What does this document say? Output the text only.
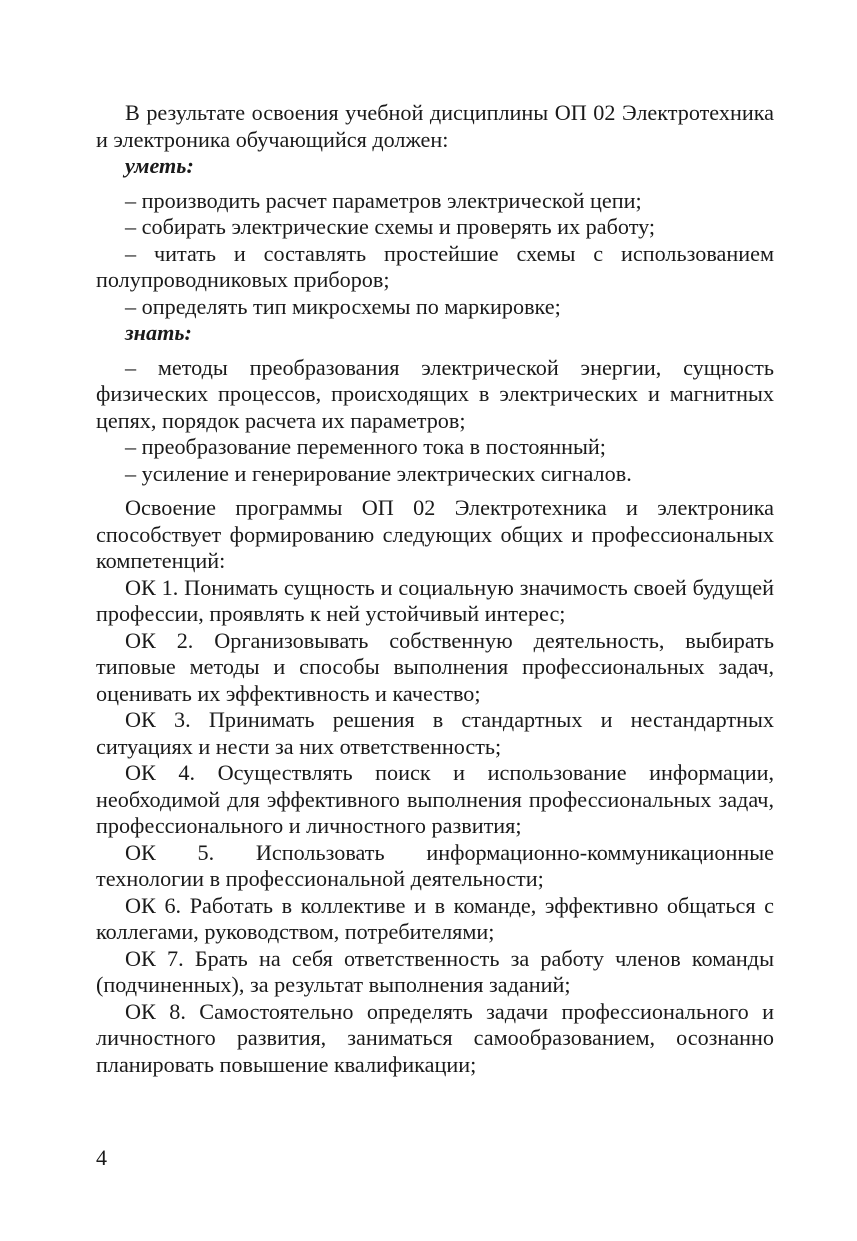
В результате освоения учебной дисциплины ОП 02 Электротехника и электроника обучающийся должен:

уметь:

– производить расчет параметров электрической цепи;

– собирать электрические схемы и проверять их работу;

– читать и составлять простейшие схемы с использованием полупроводниковых приборов;

– определять тип микросхемы по маркировке;

знать:

– методы преобразования электрической энергии, сущность физических процессов, происходящих в электрических и магнитных цепях, порядок расчета их параметров;

– преобразование переменного тока в постоянный;

– усиление и генерирование электрических сигналов.

Освоение программы ОП 02 Электротехника и электроника способствует формированию следующих общих и профессиональных компетенций:

ОК 1. Понимать сущность и социальную значимость своей будущей профессии, проявлять к ней устойчивый интерес;

ОК 2. Организовывать собственную деятельность, выбирать типовые методы и способы выполнения профессиональных задач, оценивать их эффективность и качество;

ОК 3. Принимать решения в стандартных и нестандартных ситуациях и нести за них ответственность;

ОК 4. Осуществлять поиск и использование информации, необходимой для эффективного выполнения профессиональных задач, профессионального и личностного развития;

ОК 5. Использовать информационно-коммуникационные технологии в профессиональной деятельности;

ОК 6. Работать в коллективе и в команде, эффективно общаться с коллегами, руководством, потребителями;

ОК 7. Брать на себя ответственность за работу членов команды (подчиненных), за результат выполнения заданий;

ОК 8. Самостоятельно определять задачи профессионального и личностного развития, заниматься самообразованием, осознанно планировать повышение квалификации;

4
